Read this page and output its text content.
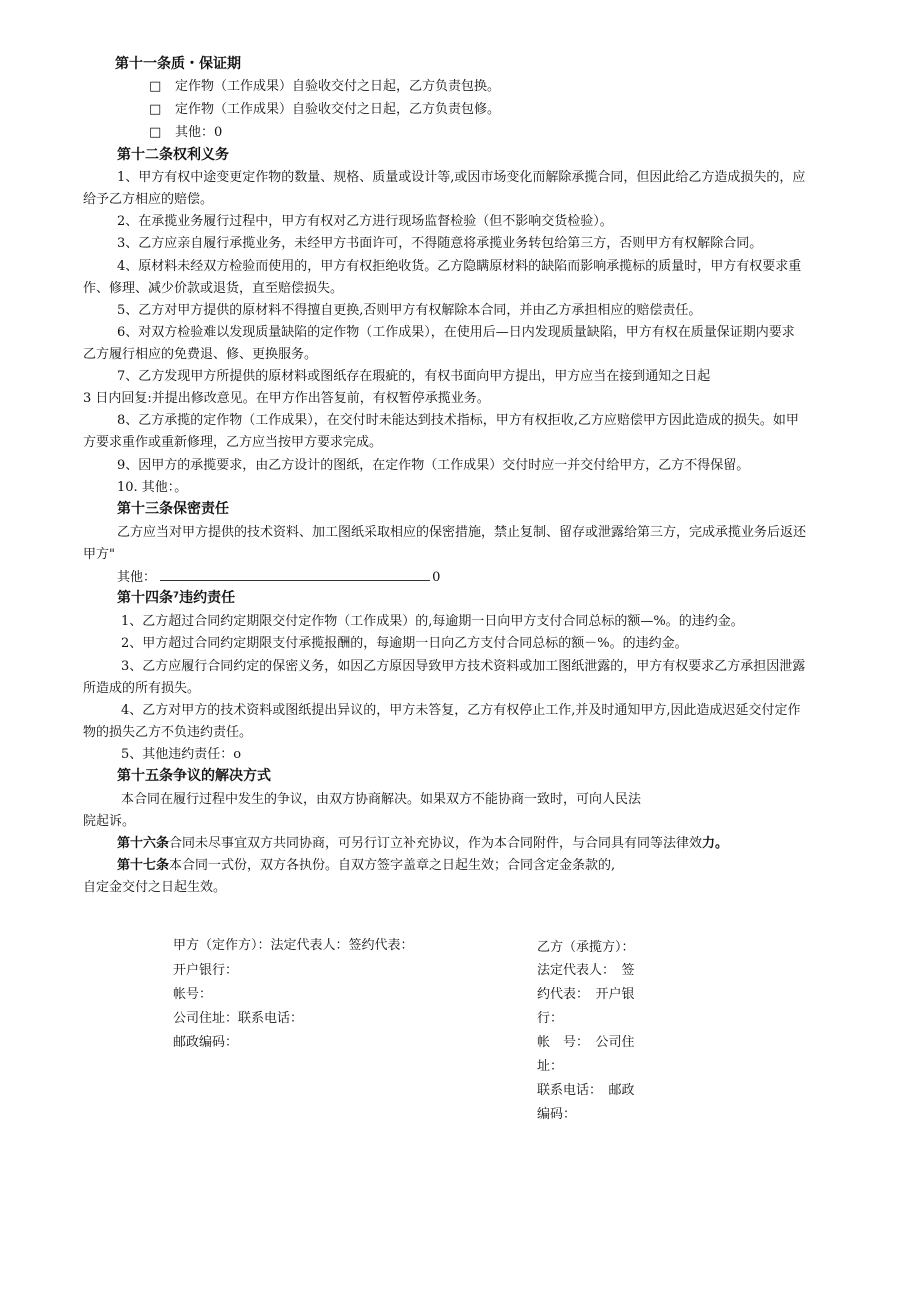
第十一条质・保证期
□ 定作物（工作成果）自验收交付之日起，乙方负责包换。
□ 定作物（工作成果）自验收交付之日起，乙方负责包修。
□ 其他：0
第十二条权利义务
1、甲方有权中途变更定作物的数量、规格、质量或设计等,或因市场变化而解除承揽合同，但因此给乙方造成损失的，应
给予乙方相应的赔偿。
2、在承揽业务履行过程中，甲方有权对乙方进行现场监督检验（但不影响交货检验）。
3、乙方应亲自履行承揽业务，未经甲方书面许可，不得随意将承揽业务转包给第三方，否则甲方有权解除合同。
4、原材料未经双方检验而使用的，甲方有权拒绝收货。乙方隐瞒原材料的缺陷而影响承揽标的质量时，甲方有权要求重
作、修理、减少价款或退货，直至赔偿损失。
5、乙方对甲方提供的原材料不得擅自更换,否则甲方有权解除本合同，并由乙方承担相应的赔偿责任。
6、对双方检验难以发现质量缺陷的定作物（工作成果），在使用后—日内发现质量缺陷，甲方有权在质量保证期内要求
乙方履行相应的免费退、修、更换服务。
7、乙方发现甲方所提供的原材料或图纸存在瑕疵的，有权书面向甲方提出，甲方应当在接到通知之日起
3 日内回复:并提出修改意见。在甲方作出答复前，有权暂停承揽业务。
8、乙方承揽的定作物（工作成果），在交付时未能达到技术指标，甲方有权拒收,乙方应赔偿甲方因此造成的损失。如甲
方要求重作或重新修理，乙方应当按甲方要求完成。
9、因甲方的承揽要求，由乙方设计的图纸，在定作物（工作成果）交付时应一并交付给甲方，乙方不得保留。
10. 其他：。
第十三条保密责任
乙方应当对甲方提供的技术资料、加工图纸采取相应的保密措施，禁止复制、留存或泄露给第三方，完成承揽业务后返还
甲方"
其他：	0
第十四条⁷违约责任
1、乙方超过合同约定期限交付定作物（工作成果）的,每逾期一日向甲方支付合同总标的额—%。的违约金。
2、甲方超过合同约定期限支付承揽报酬的，每逾期一日向乙方支付合同总标的额－%。的违约金。
3、乙方应履行合同约定的保密义务，如因乙方原因导致甲方技术资料或加工图纸泄露的，甲方有权要求乙方承担因泄露
所造成的所有损失。
4、乙方对甲方的技术资料或图纸提出异议的，甲方未答复，乙方有权停止工作,并及时通知甲方,因此造成迟延交付定作
物的损失乙方不负违约责任。
5、其他违约责任：o
第十五条争议的解决方式
本合同在履行过程中发生的争议，由双方协商解决。如果双方不能协商一致时，可向人民法
院起诉。
第十六条合同未尽事宜双方共同协商，可另行订立补充协议，作为本合同附件，与合同具有同等法律效力。
第十七条本合同一式份，双方各执份。自双方签字盖章之日起生效；合同含定金条款的,
自定金交付之日起生效。
甲方（定作方）：法定代表人：签约代表：
开户银行：
帐号：
公司住址：联系电话：
邮政编码：
乙方（承揽方）：
法定代表人：　签
约代表：　开户银
行：
帐　号：　公司住
址：
联系电话：　邮政
编码：
